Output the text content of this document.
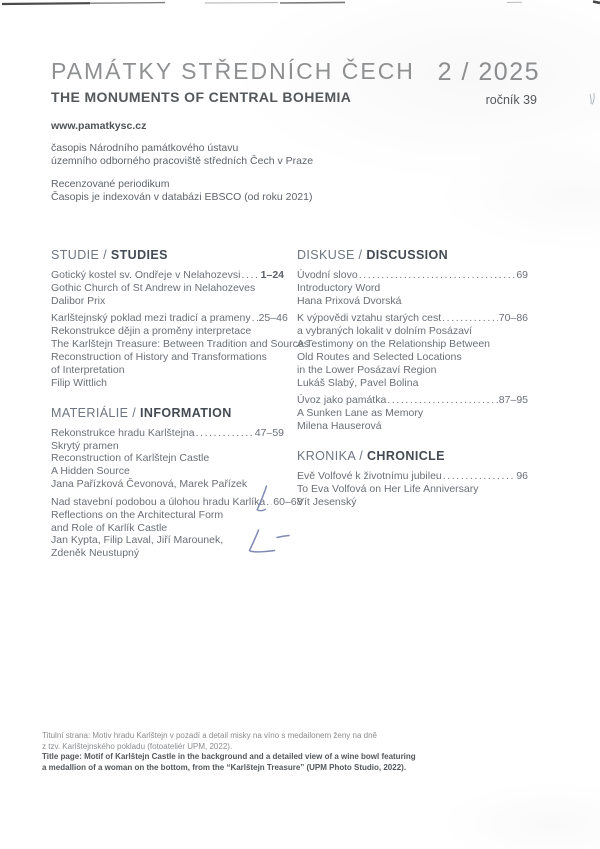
PAMÁTKY STŘEDNÍCH ČECH
THE MONUMENTS OF CENTRAL BOHEMIA
2 / 2025
ročník 39
www.pamatkysc.cz
časopis Národního památkového ústavu
územního odborného pracoviště středních Čech v Praze
Recenzované periodikum
Časopis je indexován v databázi EBSCO (od roku 2021)
STUDIE / STUDIES
Gotický kostel sv. Ondřeje v Nelahozevsi ..... 1–24
Gothic Church of St Andrew in Nelahozeves
Dalibor Prix
Karlštejnský poklad mezi tradicí a prameny ..... 25–46
Rekonstrukce dějin a proměny interpretace
The Karlštejn Treasure: Between Tradition and Sources
Reconstruction of History and Transformations
of Interpretation
Filip Wittlich
MATERIÁLIE / INFORMATION
Rekonstrukce hradu Karlštejna .....	47–59
Skrytý pramen
Reconstruction of Karlštejn Castle
A Hidden Source
Jana Pařízková Čevonová, Marek Pařízek
Nad stavební podobou a úlohou hradu Karlíka ..... 60–68
Reflections on the Architectural Form
and Role of Karlík Castle
Jan Kypta, Filip Laval, Jiří Marounek,
Zdeněk Neustupný
DISKUSE / DISCUSSION
Úvodní slovo .....	69
Introductory Word
Hana Prixová Dvorská
K výpovědi vztahu starých cest .....	70–86
a vybraných lokalit v dolním Posázaví
A Testimony on the Relationship Between
Old Routes and Selected Locations
in the Lower Posázaví Region
Lukáš Slabý, Pavel Bolina
Úvoz jako památka .....	87–95
A Sunken Lane as Memory
Milena Hauserová
KRONIKA / CHRONICLE
Evě Volfové k životnímu jubileu .....	96
To Eva Volfová on Her Life Anniversary
Vít Jesenský
Titulní strana: Motiv hradu Karlštejn v pozadí a detail misky na víno s medailonem ženy na dně
z tzv. Karlštejnského pokladu (fotoateliér UPM, 2022).
Title page: Motif of Karlštejn Castle in the background and a detailed view of a wine bowl featuring
a medallion of a woman on the bottom, from the “Karlštejn Treasure” (UPM Photo Studio, 2022).
